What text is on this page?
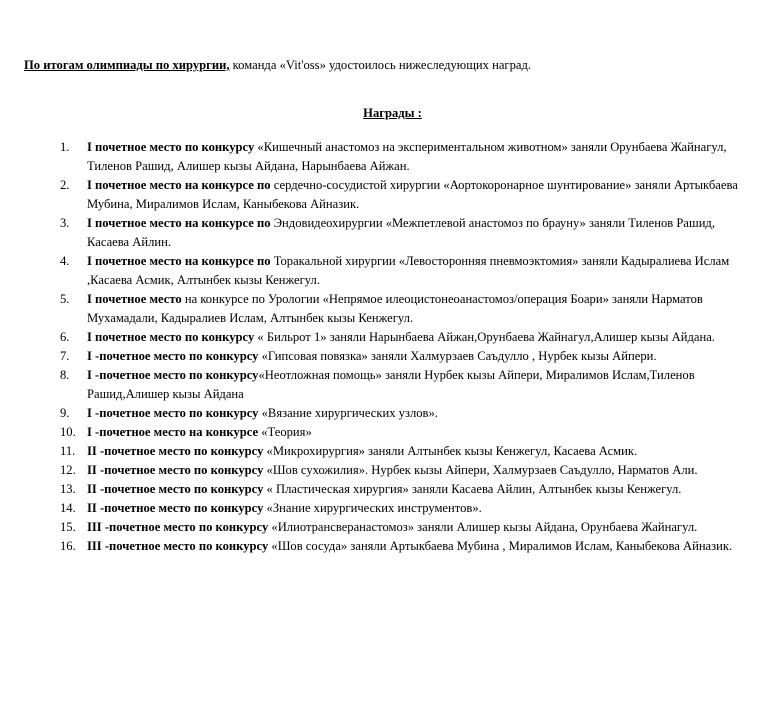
По итогам олимпиады по хирургии, команда «Vit'oss» удостоилось нижеследующих наград.
Награды :
1. I почетное место по конкурсу «Кишечный анастомоз на экспериментальном животном» заняли Орунбаева Жайнагул, Тиленов Рашид, Алишер кызы Айдана, Нарынбаева Айжан.
2. I почетное место на конкурсе по сердечно-сосудистой хирургии «Аортокоронарное шунтирование» заняли Артыкбаева Мубина, Миралимов Ислам, Каныбекова Айназик.
3. I почетное место на конкурсе по Эндовидеохирургии «Межпетлевой анастомоз по брауну» заняли Тиленов Рашид, Касаева Айлин.
4. I почетное место на конкурсе по Торакальной хирургии «Левосторонняя пневмоэктомия» заняли Кадыралиева Ислам ,Касаева Асмик, Алтынбек кызы Кенжегул.
5. I почетное место на конкурсе по Урологии «Непрямое илеоцистонеоанастомоз/операция Боари» заняли Нарматов Мухамадали, Кадыралиев Ислам, Алтынбек кызы Кенжегул.
6. I почетное место по конкурсу « Бильрот 1» заняли Нарынбаева Айжан,Орунбаева Жайнагул,Алишер кызы Айдана.
7. I -почетное место по конкурсу «Гипсовая повязка» заняли Халмурзаев Саъдулло , Нурбек кызы Айпери.
8. I -почетное место по конкурсу«Неотложная помощь» заняли Нурбек кызы Айпери, Миралимов Ислам,Тиленов Рашид,Алишер кызы Айдана
9. I -почетное место по конкурсу «Вязание хирургических узлов».
10. I -почетное место на конкурсе «Теория»
11. II -почетное место по конкурсу «Микрохирургия» заняли Алтынбек кызы Кенжегул, Касаева Асмик.
12. II -почетное место по конкурсу «Шов сухожилия». Нурбек кызы Айпери, Халмурзаев Саъдулло, Нарматов Али.
13. II -почетное место по конкурсу « Пластическая хирургия» заняли Касаева Айлин, Алтынбек кызы Кенжегул.
14. II -почетное место по конкурсу «Знание хирургических инструментов».
15. III -почетное место по конкурсу «Илиотрансверанастомоз» заняли Алишер кызы Айдана, Орунбаева Жайнагул.
16. III -почетное место по конкурсу «Шов сосуда» заняли Артыкбаева Мубина , Миралимов Ислам, Каныбекова Айназик.
